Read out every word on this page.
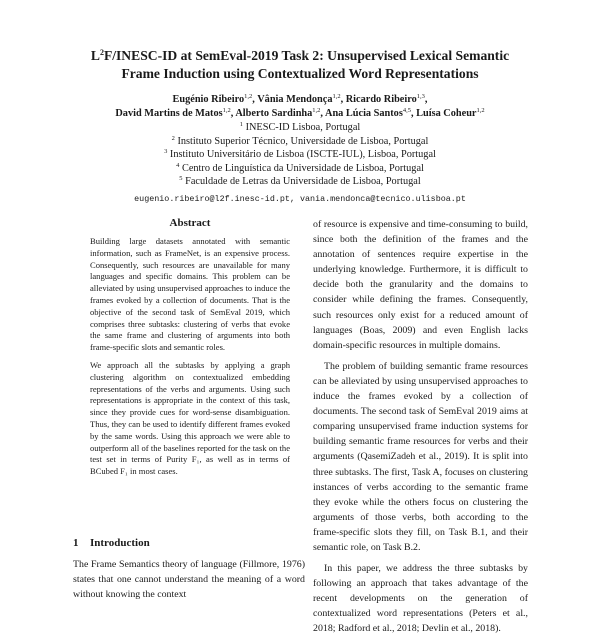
$L^2F/INESC-ID$ at SemEval-2019 Task 2: Unsupervised Lexical Semantic
Frame Induction using Contextualized Word Representations
Eugénio Ribeiro$^{1,2}$, Vânia Mendonça$^{1,2}$, Ricardo Ribeiro$^{1,3}$,
David Martins de Matos$^{1,2}$, Alberto Sardinha$^{1,2}$, Ana Lúcia Santos$^{4,5}$, Luísa Coheur$^{1,2}$
$^1$ INESC-ID Lisboa, Portugal
$^2$ Instituto Superior Técnico, Universidade de Lisboa, Portugal
$^3$ Instituto Universitário de Lisboa (ISCTE-IUL), Lisboa, Portugal
$^4$ Centro de Linguística da Universidade de Lisboa, Portugal
$^5$ Faculdade de Letras da Universidade de Lisboa, Portugal
eugenio.ribeiro@l2f.inesc-id.pt, vania.mendonca@tecnico.ulisboa.pt
Abstract

Building large datasets annotated with semantic information, such as FrameNet, is an expensive process. Consequently, such resources are unavailable for many languages and specific domains. This problem can be alleviated by using unsupervised approaches to induce the frames evoked by a collection of documents. That is the objective of the second task of SemEval 2019, which comprises three subtasks: clustering of verbs that evoke the same frame and clustering of arguments into both frame-specific slots and semantic roles.

We approach all the subtasks by applying a graph clustering algorithm on contextualized embedding representations of the verbs and arguments. Using such representations is appropriate in the context of this task, since they provide cues for word-sense disambiguation. Thus, they can be used to identify different frames evoked by the same words. Using this approach we were able to outperform all of the baselines reported for the task on the test set in terms of Purity F₁, as well as in terms of BCubed F₁ in most cases.

1 Introduction

The Frame Semantics theory of language (Fillmore, 1976) states that one cannot understand the meaning of a word without knowing the context

of resource is expensive and time-consuming to build, since both the definition of the frames and the annotation of sentences require expertise in the underlying knowledge. Furthermore, it is difficult to decide both the granularity and the domains to consider while defining the frames. Consequently, such resources only exist for a reduced amount of languages (Boas, 2009) and even English lacks domain-specific resources in multiple domains.

The problem of building semantic frame resources can be alleviated by using unsupervised approaches to induce the frames evoked by a collection of documents. The second task of SemEval 2019 aims at comparing unsupervised frame induction systems for building semantic frame resources for verbs and their arguments (QasemiZadeh et al., 2019). It is split into three subtasks. The first, Task A, focuses on clustering instances of verbs according to the semantic frame they evoke while the others focus on clustering the arguments of those verbs, both according to the frame-specific slots they fill, on Task B.1, and their semantic role, on Task B.2.

In this paper, we address the three subtasks by following an approach that takes advantage of the recent developments on the generation of contextualized word representations (Peters et al., 2018; Radford et al., 2018; Devlin et al., 2018).
